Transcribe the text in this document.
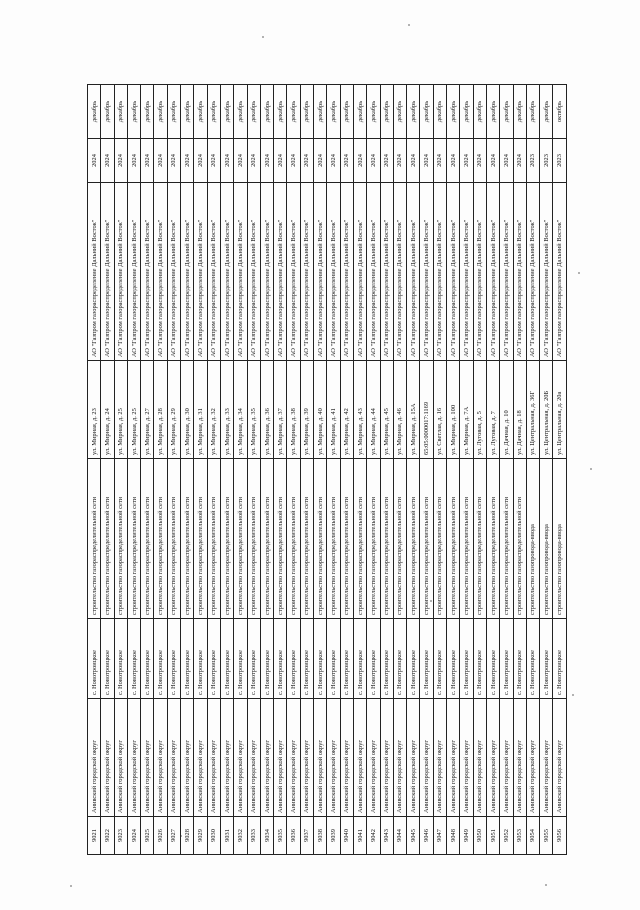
9021	Анивский городской округ	с. Новотроицкое	строительство газораспределительной сети	ул. Мирная, д. 23	АО "Газпром газораспределение Дальний Восток"	2024	декабрь
9022	Анивский городской округ	с. Новотроицкое	строительство газораспределительной сети	ул. Мирная, д. 24	АО "Газпром газораспределение Дальний Восток"	2024	декабрь
9023	Анивский городской округ	с. Новотроицкое	строительство газораспределительной сети	ул. Мирная, д. 25	АО "Газпром газораспределение Дальний Восток"	2024	декабрь
9024	Анивский городской округ	с. Новотроицкое	строительство газораспределительной сети	ул. Мирная, д. 25	АО "Газпром газораспределение Дальний Восток"	2024	декабрь
9025	Анивский городской округ	с. Новотроицкое	строительство газораспределительной сети	ул. Мирная, д. 27	АО "Газпром газораспределение Дальний Восток"	2024	декабрь
9026	Анивский городской округ	с. Новотроицкое	строительство газораспределительной сети	ул. Мирная, д. 28	АО "Газпром газораспределение Дальний Восток"	2024	декабрь
9027	Анивский городской округ	с. Новотроицкое	строительство газораспределительной сети	ул. Мирная, д. 29	АО "Газпром газораспределение Дальний Восток"	2024	декабрь
9028	Анивский городской округ	с. Новотроицкое	строительство газораспределительной сети	ул. Мирная, д. 30	АО "Газпром газораспределение Дальний Восток"	2024	декабрь
9029	Анивский городской округ	с. Новотроицкое	строительство газораспределительной сети	ул. Мирная, д. 31	АО "Газпром газораспределение Дальний Восток"	2024	декабрь
9030	Анивский городской округ	с. Новотроицкое	строительство газораспределительной сети	ул. Мирная, д. 32	АО "Газпром газораспределение Дальний Восток"	2024	декабрь
9031	Анивский городской округ	с. Новотроицкое	строительство газораспределительной сети	ул. Мирная, д. 33	АО "Газпром газораспределение Дальний Восток"	2024	декабрь
9032	Анивский городской округ	с. Новотроицкое	строительство газораспределительной сети	ул. Мирная, д. 34	АО "Газпром газораспределение Дальний Восток"	2024	декабрь
9033	Анивский городской округ	с. Новотроицкое	строительство газораспределительной сети	ул. Мирная, д. 35	АО "Газпром газораспределение Дальний Восток"	2024	декабрь
9034	Анивский городской округ	с. Новотроицкое	строительство газораспределительной сети	ул. Мирная, д. 36	АО "Газпром газораспределение Дальний Восток"	2024	декабрь
9035	Анивский городской округ	с. Новотроицкое	строительство газораспределительной сети	ул. Мирная, д. 37	АО "Газпром газораспределение Дальний Восток"	2024	декабрь
9036	Анивский городской округ	с. Новотроицкое	строительство газораспределительной сети	ул. Мирная, д. 38	АО "Газпром газораспределение Дальний Восток"	2024	декабрь
9037	Анивский городской округ	с. Новотроицкое	строительство газораспределительной сети	ул. Мирная, д. 39	АО "Газпром газораспределение Дальний Восток"	2024	декабрь
9038	Анивский городской округ	с. Новотроицкое	строительство газораспределительной сети	ул. Мирная, д. 40	АО "Газпром газораспределение Дальний Восток"	2024	декабрь
9039	Анивский городской округ	с. Новотроицкое	строительство газораспределительной сети	ул. Мирная, д. 41	АО "Газпром газораспределение Дальний Восток"	2024	декабрь
9040	Анивский городской округ	с. Новотроицкое	строительство газораспределительной сети	ул. Мирная, д. 42	АО "Газпром газораспределение Дальний Восток"	2024	декабрь
9041	Анивский городской округ	с. Новотроицкое	строительство газораспределительной сети	ул. Мирная, д. 43	АО "Газпром газораспределение Дальний Восток"	2024	декабрь
9042	Анивский городской округ	с. Новотроицкое	строительство газораспределительной сети	ул. Мирная, д. 44	АО "Газпром газораспределение Дальний Восток"	2024	декабрь
9043	Анивский городской округ	с. Новотроицкое	строительство газораспределительной сети	ул. Мирная, д. 45	АО "Газпром газораспределение Дальний Восток"	2024	декабрь
9044	Анивский городской округ	с. Новотроицкое	строительство газораспределительной сети	ул. Мирная, д. 46	АО "Газпром газораспределение Дальний Восток"	2024	декабрь
9045	Анивский городской округ	с. Новотроицкое	строительство газораспределительной сети	ул. Мирная, д. 15А	АО "Газпром газораспределение Дальний Восток"	2024	декабрь
9046	Анивский городской округ	с. Новотроицкое	строительство газораспределительной сети	65:05:0000017:1169	АО "Газпром газораспределение Дальний Восток"	2024	декабрь
9047	Анивский городской округ	с. Новотроицкое	строительство газораспределительной сети	ул. Светлая, д. 16	АО "Газпром газораспределение Дальний Восток"	2024	декабрь
9048	Анивский городской округ	с. Новотроицкое	строительство газораспределительной сети	ул. Мирная, д. 100	АО "Газпром газораспределение Дальний Восток"	2024	декабрь
9049	Анивский городской округ	с. Новотроицкое	строительство газораспределительной сети	ул. Мирная, д. 7А	АО "Газпром газораспределение Дальний Восток"	2024	декабрь
9050	Анивский городской округ	с. Новотроицкое	строительство газораспределительной сети	ул. Луговая, д. 5	АО "Газпром газораспределение Дальний Восток"	2024	декабрь
9051	Анивский городской округ	с. Новотроицкое	строительство газораспределительной сети	ул. Луговая, д. 7	АО "Газпром газораспределение Дальний Восток"	2024	декабрь
9052	Анивский городской округ	с. Новотроицкое	строительство газораспределительной сети	ул. Дачная, д. 10	АО "Газпром газораспределение Дальний Восток"	2024	декабрь
9053	Анивский городской округ	с. Новотроицкое	строительство газораспределительной сети	ул. Дачная, д. 18	АО "Газпром газораспределение Дальний Восток"	2024	декабрь
9054	Анивский городской округ	с. Новотроицкое	строительство газопровода-ввода	ул. Центральная, д. 36Г	АО "Газпром газораспределение Дальний Восток"	2023	декабрь
9055	Анивский городской округ	с. Новотроицкое	строительство газопровода-ввода	ул. Центральная, д. 20Б	АО "Газпром газораспределение Дальний Восток"	2023	декабрь
9056	Анивский городской округ	с. Новотроицкое	строительство газопровода-ввода	ул. Центральная, д. 20а	АО "Газпром газораспределение Дальний Восток"	2023	октябрь
